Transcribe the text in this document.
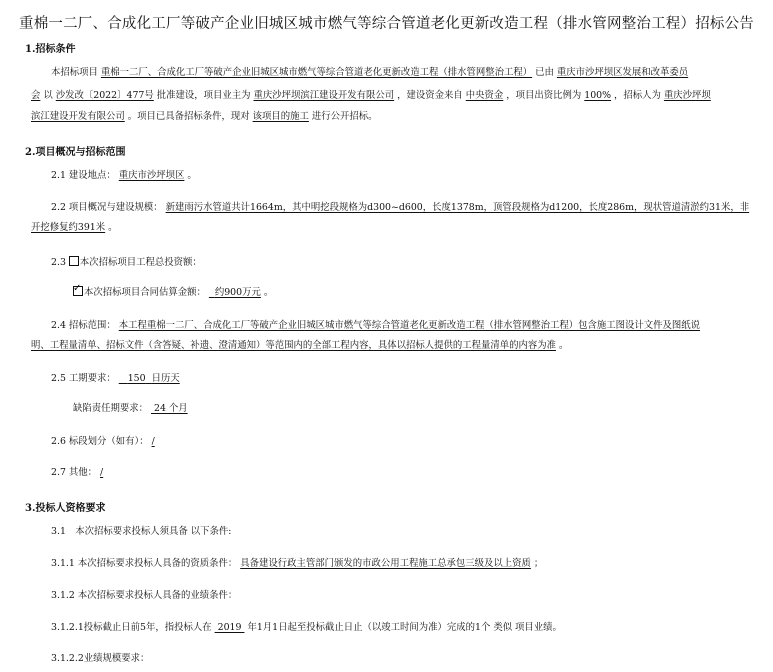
重棉一二厂、合成化工厂等破产企业旧城区城市燃气等综合管道老化更新改造工程（排水管网整治工程）招标公告
1.招标条件
本招标项目 重棉一二厂、合成化工厂等破产企业旧城区城市燃气等综合管道老化更新改造工程（排水管网整治工程） 已由 重庆市沙坪坝区发展和改革委员
会 以 沙发改〔2022〕477号 批准建设，项目业主为 重庆沙坪坝滨江建设开发有限公司 ，建设资金来自 中央资金 ，项目出资比例为 100% ，招标人为 重庆沙坪坝
滨江建设开发有限公司 。项目已具备招标条件，现对 该项目的施工 进行公开招标。
2.项目概况与招标范围
2.1 建设地点： 重庆市沙坪坝区 。
2.2 项目概况与建设规模： 新建雨污水管道共计1664m，其中明挖段规格为d300~d600，长度1378m，顶管段规格为d1200，长度286m，现状管道清淤约31米，非
开挖修复约391米 。
2.3 本次招标项目工程总投资额：
✓本次招标项目合同估算金额： 约900万元 。
2.4 招标范围： 本工程重棉一二厂、合成化工厂等破产企业旧城区城市燃气等综合管道老化更新改造工程（排水管网整治工程）包含施工图设计文件及图纸说
明、工程量清单、招标文件（含答疑、补遗、澄清通知）等范围内的全部工程内容，具体以招标人提供的工程量清单的内容为准 。
2.5 工期要求： 150 日历天
缺陷责任期要求： 24 个月
2.6 标段划分（如有）： /
2.7 其他： /
3.投标人资格要求
3.1　本次招标要求投标人须具备 以下条件:
3.1.1 本次招标要求投标人具备的资质条件： 具备建设行政主管部门颁发的市政公用工程施工总承包三级及以上资质 ；
3.1.2 本次招标要求投标人具备的业绩条件：
3.1.2.1投标截止日前5年，指投标人在 2019 年1月1日起至投标截止日止（以竣工时间为准）完成的1个 类似 项目业绩。
3.1.2.2业绩规模要求：
